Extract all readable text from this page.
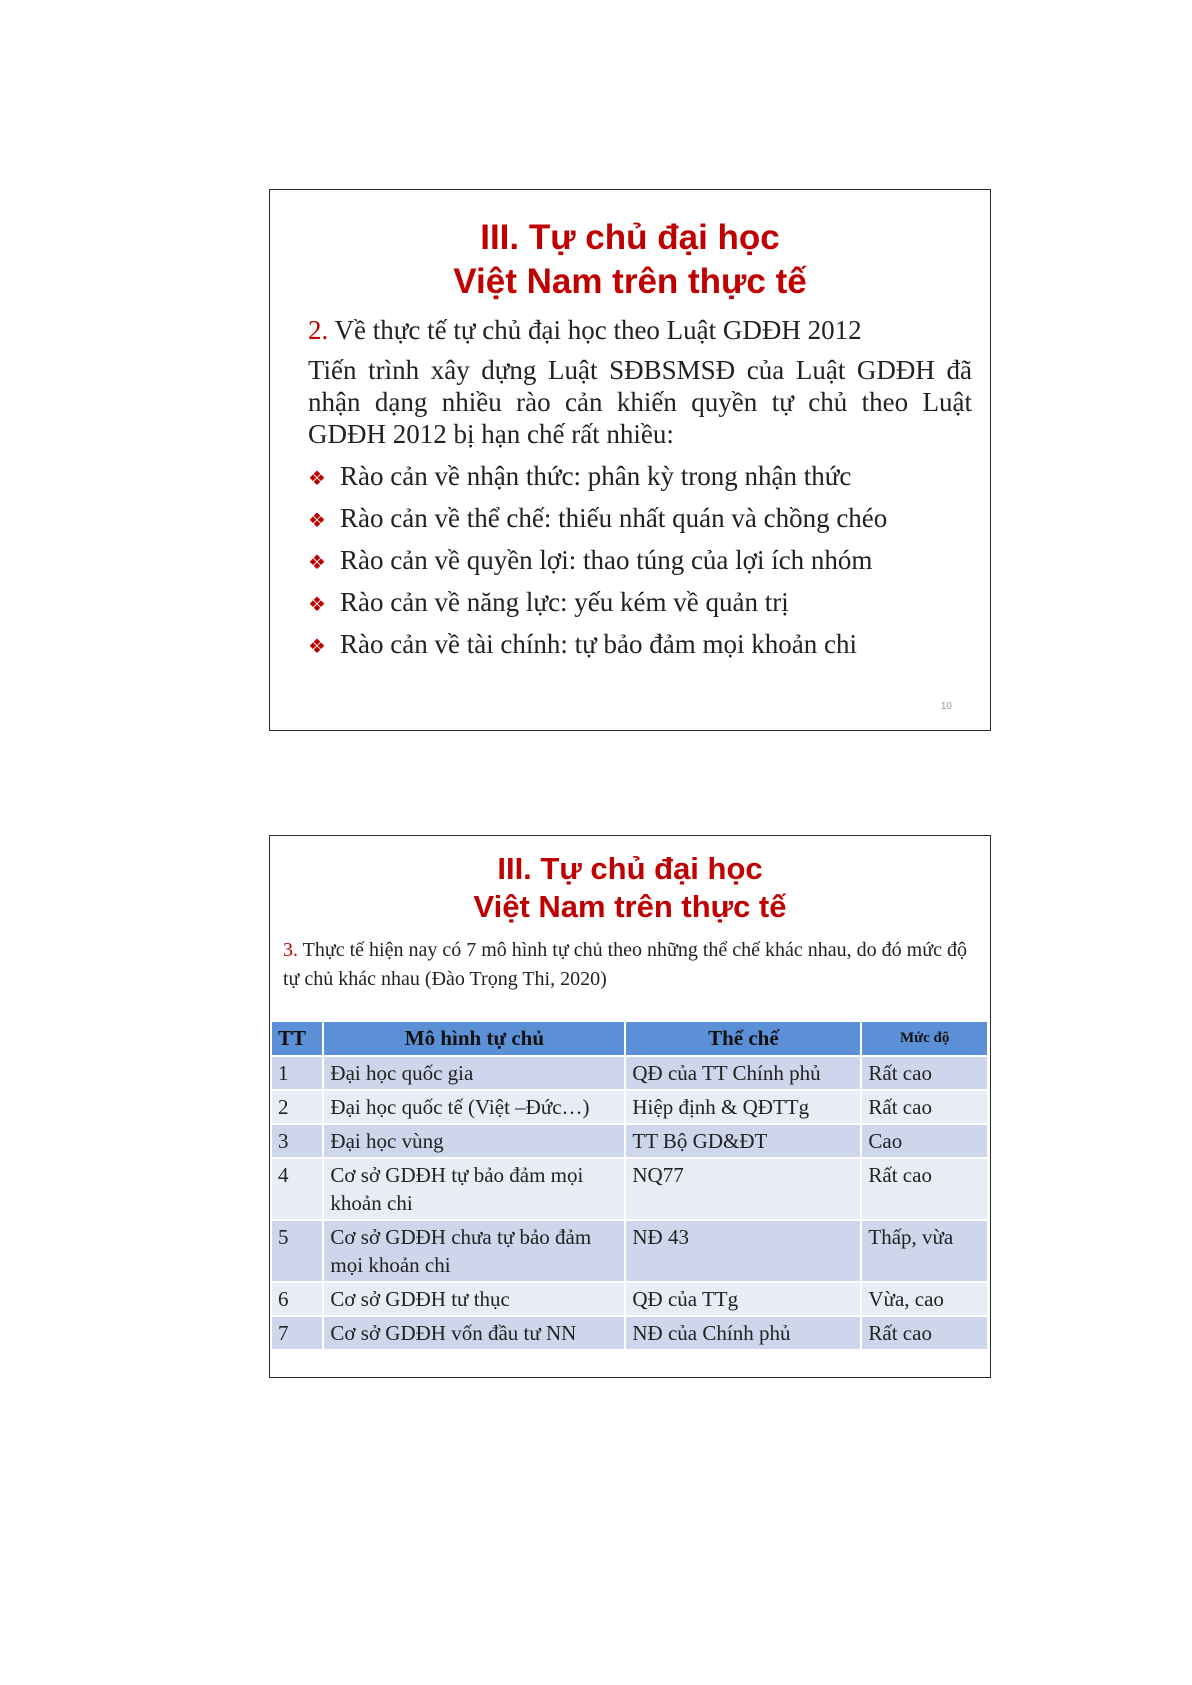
III. Tự chủ đại học
Việt Nam trên thực tế
2. Về thực tế tự chủ đại học theo Luật GDĐH 2012
Tiến trình xây dựng Luật SĐBSMSĐ của Luật GDĐH đã nhận dạng nhiều rào cản khiến quyền tự chủ theo Luật GDĐH 2012 bị hạn chế rất nhiều:
❖ Rào cản về nhận thức: phân kỳ trong nhận thức
❖ Rào cản về thể chế: thiếu nhất quán và chồng chéo
❖ Rào cản về quyền lợi: thao túng của lợi ích nhóm
❖ Rào cản về năng lực: yếu kém về quản trị
❖ Rào cản về tài chính: tự bảo đảm mọi khoản chi
10
III. Tự chủ đại học
Việt Nam trên thực tế
3. Thực tế hiện nay có 7 mô hình tự chủ theo những thể chế khác nhau, do đó mức độ tự chủ khác nhau (Đào Trọng Thi, 2020)
TT	Mô hình tự chủ	Thể chế	Mức độ
1	Đại học quốc gia	QĐ của TT Chính phủ	Rất cao
2	Đại học quốc tế (Việt –Đức…)	Hiệp định & QĐTTg	Rất cao
3	Đại học vùng	TT Bộ GD&ĐT	Cao
4	Cơ sở GDĐH tự bảo đảm mọi khoản chi	NQ77	Rất cao
5	Cơ sở GDĐH chưa tự bảo đảm mọi khoản chi	NĐ 43	Thấp, vừa
6	Cơ sở GDĐH tư thục	QĐ của TTg	Vừa, cao
7	Cơ sở GDĐH vốn đầu tư NN	NĐ của Chính phủ	Rất cao
